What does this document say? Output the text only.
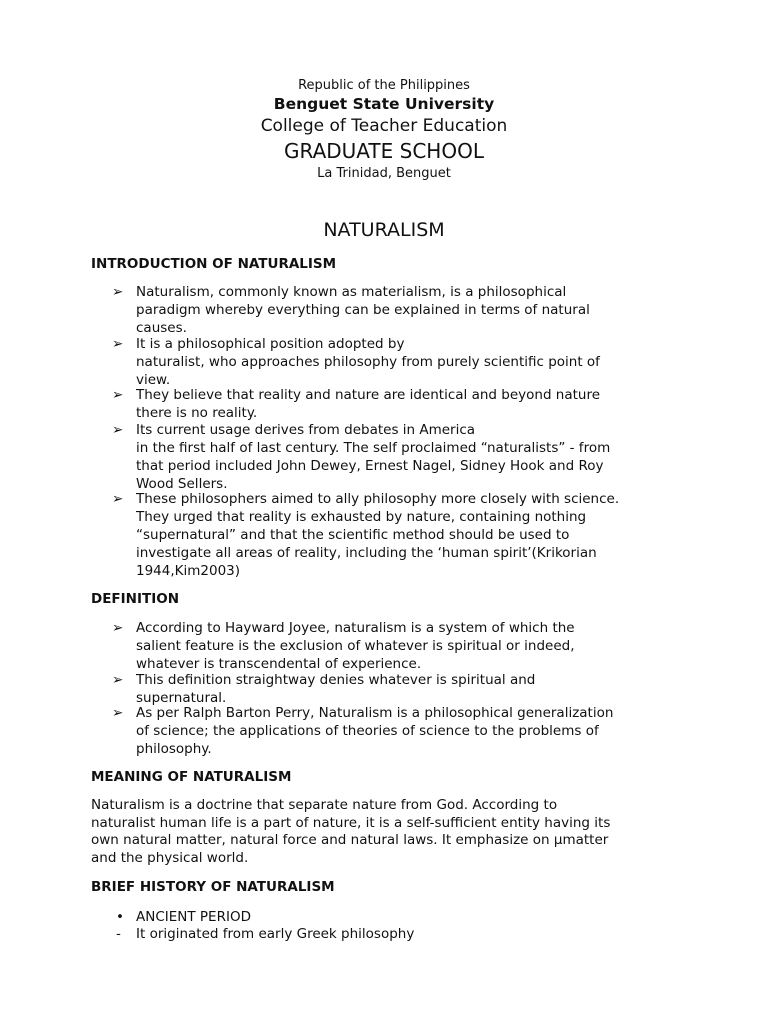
Republic of the Philippines
Benguet State University
College of Teacher Education
GRADUATE SCHOOL
La Trinidad, Benguet
NATURALISM
INTRODUCTION OF NATURALISM
➢ Naturalism, commonly known as materialism, is a philosophical
paradigm whereby everything can be explained in terms of natural
causes.
➢ It is a philosophical position adopted by
naturalist, who approaches philosophy from purely scientific point of
view.
➢ They believe that reality and nature are identical and beyond nature
there is no reality.
➢ Its current usage derives from debates in America
in the first half of last century. The self proclaimed “naturalists” - from
that period included John Dewey, Ernest Nagel, Sidney Hook and Roy
Wood Sellers.
➢ These philosophers aimed to ally philosophy more closely with science.
They urged that reality is exhausted by nature, containing nothing
“supernatural” and that the scientific method should be used to
investigate all areas of reality, including the ‘human spirit’(Krikorian
1944,Kim2003)
DEFINITION
➢ According to Hayward Joyee, naturalism is a system of which the
salient feature is the exclusion of whatever is spiritual or indeed,
whatever is transcendental of experience.
➢ This definition straightway denies whatever is spiritual and
supernatural.
➢ As per Ralph Barton Perry, Naturalism is a philosophical generalization
of science; the applications of theories of science to the problems of
philosophy.
MEANING OF NATURALISM
Naturalism is a doctrine that separate nature from God. According to
naturalist human life is a part of nature, it is a self-sufficient entity having its
own natural matter, natural force and natural laws. It emphasize on µmatter
and the physical world.
BRIEF HISTORY OF NATURALISM
• ANCIENT PERIOD
-	It originated from early Greek philosophy
